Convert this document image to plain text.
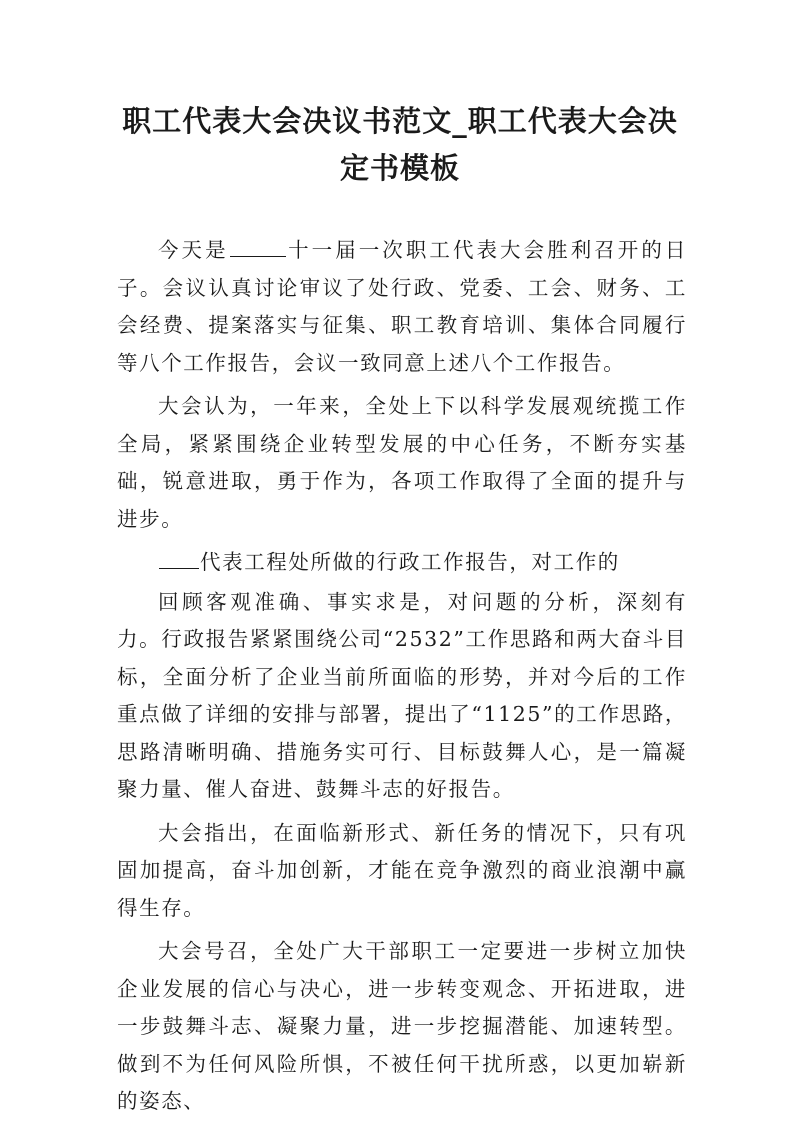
职工代表大会决议书范文_职工代表大会决
定书模板

今天是	十一届一次职工代表大会胜利召开的日子。会议认真讨论审议了处行政、党委、工会、财务、工会经费、提案落实与征集、职工教育培训、集体合同履行等八个工作报告，会议一致同意上述八个工作报告。

大会认为，一年来，全处上下以科学发展观统揽工作全局，紧紧围绕企业转型发展的中心任务，不断夯实基础，锐意进取，勇于作为，各项工作取得了全面的提升与进步。

代表工程处所做的行政工作报告，对工作的

回顾客观准确、事实求是，对问题的分析，深刻有力。行政报告紧紧围绕公司“2532”工作思路和两大奋斗目标，全面分析了企业当前所面临的形势，并对今后的工作重点做了详细的安排与部署，提出了“1125”的工作思路，思路清晰明确、措施务实可行、目标鼓舞人心，是一篇凝聚力量、催人奋进、鼓舞斗志的好报告。

大会指出，在面临新形式、新任务的情况下，只有巩固加提高，奋斗加创新，才能在竞争激烈的商业浪潮中赢得生存。

大会号召，全处广大干部职工一定要进一步树立加快企业发展的信心与决心，进一步转变观念、开拓进取，进一步鼓舞斗志、凝聚力量，进一步挖掘潜能、加速转型。做到不为任何风险所惧，不被任何干扰所惑，以更加崭新的姿态、
